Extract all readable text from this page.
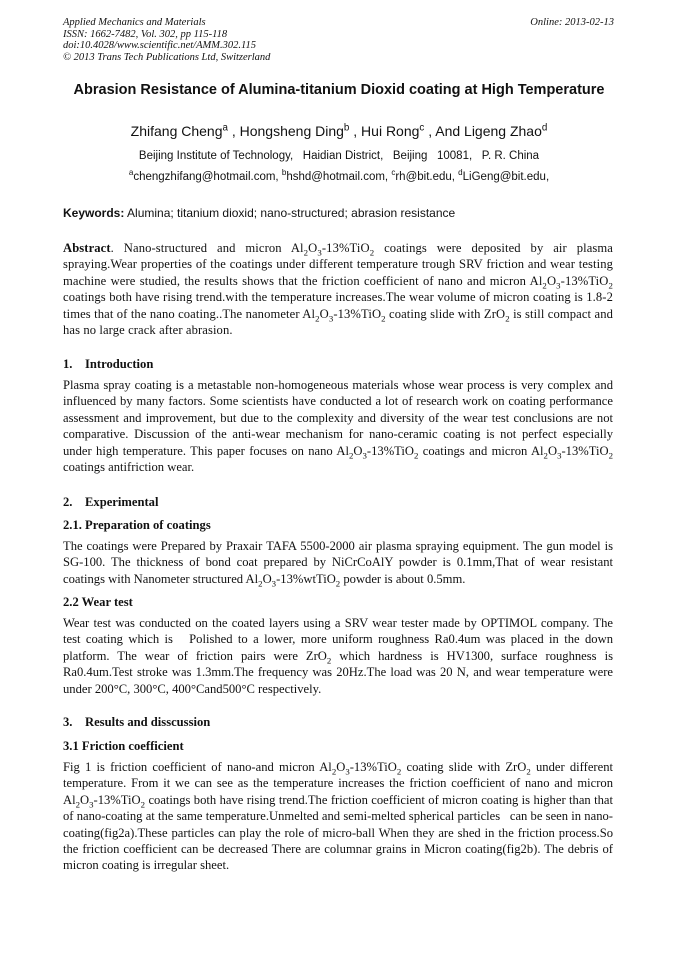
Applied Mechanics and Materials
ISSN: 1662-7482, Vol. 302, pp 115-118
doi:10.4028/www.scientific.net/AMM.302.115
© 2013 Trans Tech Publications Ltd, Switzerland
Online: 2013-02-13
Abrasion Resistance of Alumina-titanium Dioxid coating at High Temperature
Zhifang Cheng$^a$ , Hongsheng Ding$^b$ , Hui Rong$^c$ , And Ligeng Zhao$^d$
Beijing Institute of Technology,   Haidian District,   Beijing   10081,   P. R. China
$^a$chengzhifang@hotmail.com, $^b$hshd@hotmail.com, $^c$rh@bit.edu, $^d$LiGeng@bit.edu,
Keywords: Alumina; titanium dioxid; nano-structured; abrasion resistance
Abstract. Nano-structured and micron $Al_2O_3-13\%TiO_2$ coatings were deposited by air plasma spraying.Wear properties of the coatings under different temperature trough SRV friction and wear testing machine were studied, the results shows that the friction coefficient of nano and micron $Al_2O_3-13\%TiO_2$ coatings both have rising trend.with the temperature increases.The wear volume of micron coating is 1.8-2 times that of the nano coating..The nanometer $Al_2O_3-13\%TiO_2$ coating slide with ZrO$_2$ is still compact and has no large crack after abrasion.
1. Introduction
Plasma spray coating is a metastable non-homogeneous materials whose wear process is very complex and influenced by many factors. Some scientists have conducted a lot of research work on coating performance assessment and improvement, but due to the complexity and diversity of the wear test conclusions are not comparative. Discussion of the anti-wear mechanism for nano-ceramic coating is not perfect especially under high temperature. This paper focuses on nano $Al_2O_3-13\%TiO_2$ coatings and micron $Al_2O_3-13\%TiO_2$ coatings antifriction wear.
2. Experimental
2.1. Preparation of coatings
The coatings were Prepared by Praxair TAFA 5500-2000 air plasma spraying equipment. The gun model is SG-100. The thickness of bond coat prepared by NiCrCoAlY powder is 0.1mm,That of wear resistant coatings with Nanometer structured $Al_2O_3-13\%wtTiO_2$ powder is about 0.5mm.
2.2 Wear test
Wear test was conducted on the coated layers using a SRV wear tester made by OPTIMOL company. The test coating which is   Polished to a lower, more uniform roughness Ra0.4um was placed in the down platform. The wear of friction pairs were ZrO$_2$ which hardness is HV1300, surface roughness is Ra0.4um.Test stroke was 1.3mm.The frequency was 20Hz.The load was 20 N, and wear temperature were under 200°C, 300°C, 400°Cand500°C respectively.
3. Results and disscussion
3.1 Friction coefficient
Fig 1 is friction coefficient of nano-and micron $Al_2O_3-13\%TiO_2$ coating slide with ZrO$_2$ under different temperature. From it we can see as the temperature increases the friction coefficient of nano and micron $Al_2O_3-13\%TiO_2$ coatings both have rising trend.The friction coefficient of micron coating is higher than that of nano-coating at the same temperature.Unmelted and semi-melted spherical particles   can be seen in nano-coating(fig2a).These particles can play the role of micro-ball When they are shed in the friction process.So the friction coefficient can be decreased There are columnar grains in Micron coating(fig2b). The debris of micron coating is irregular sheet.
